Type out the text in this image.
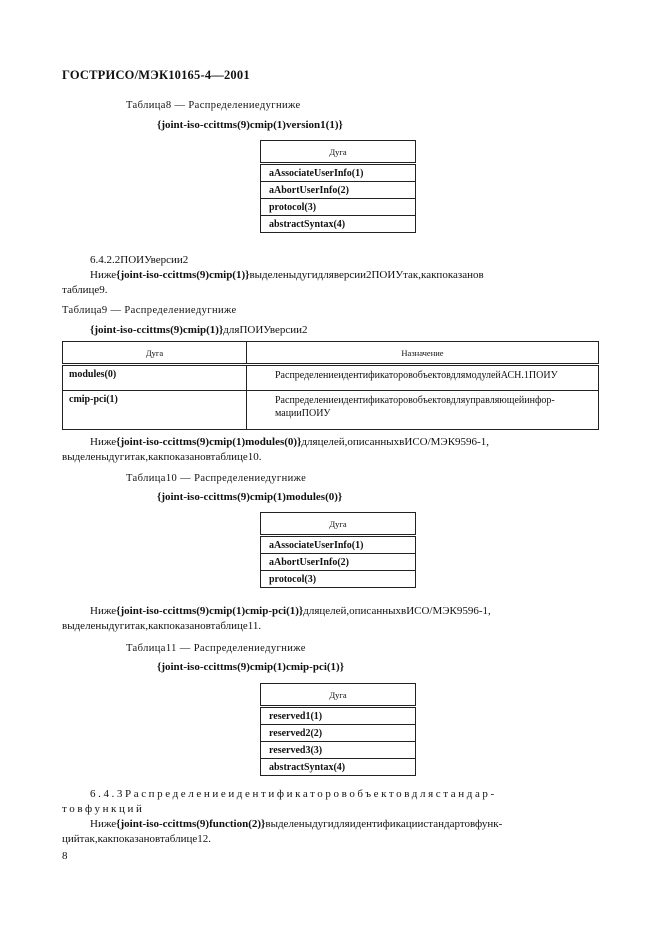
ГОСТРИСО/МЭК10165-4—2001
Таблица8 — Распределениедугниже
{joint-iso-ccittms(9)cmip(1)version1(1)}
Дуга
aAssociateUserInfo(1)
aAbortUserInfo(2)
protocol(3)
abstractSyntax(4)
6.4.2.2ПОИУверсии2
Ниже{joint-iso-ccittms(9)cmip(1)}выделеныдугидляверсии2ПОИУтак,какпоказанов
таблице9.
Таблица9 — Распределениедугниже
{joint-iso-ccittms(9)cmip(1)}дляПОИУверсии2
Дуга	Назначение
modules(0)	РаспределениеидентификаторовобъектовдлямодулейАСН.1ПОИУ
cmip-pci(1)	Распределениеидентификаторовобъектовдляуправляющейинфор-мацииПОИУ
Ниже{joint-iso-ccittms(9)cmip(1)modules(0)}дляцелей,описанныхвИСО/МЭК9596-1,
выделеныдугитак,какпоказановтаблице10.
Таблица10 — Распределениедугниже
{joint-iso-ccittms(9)cmip(1)modules(0)}
Дуга
aAssociateUserInfo(1)
aAbortUserInfo(2)
protocol(3)
Ниже{joint-iso-ccittms(9)cmip(1)cmip-pci(1)}дляцелей,описанныхвИСО/МЭК9596-1,
выделеныдугитак,какпоказановтаблице11.
Таблица11 — Распределениедугниже
{joint-iso-ccittms(9)cmip(1)cmip-pci(1)}
Дуга
reserved1(1)
reserved2(2)
reserved3(3)
abstractSyntax(4)
6.4.3Распределениеидентификаторовобъектовдлястандар-
товфункций
Ниже{joint-iso-ccittms(9)function(2)}выделеныдугидляидентификациистандартовфунк-
цийтак,какпоказановтаблице12.
8
